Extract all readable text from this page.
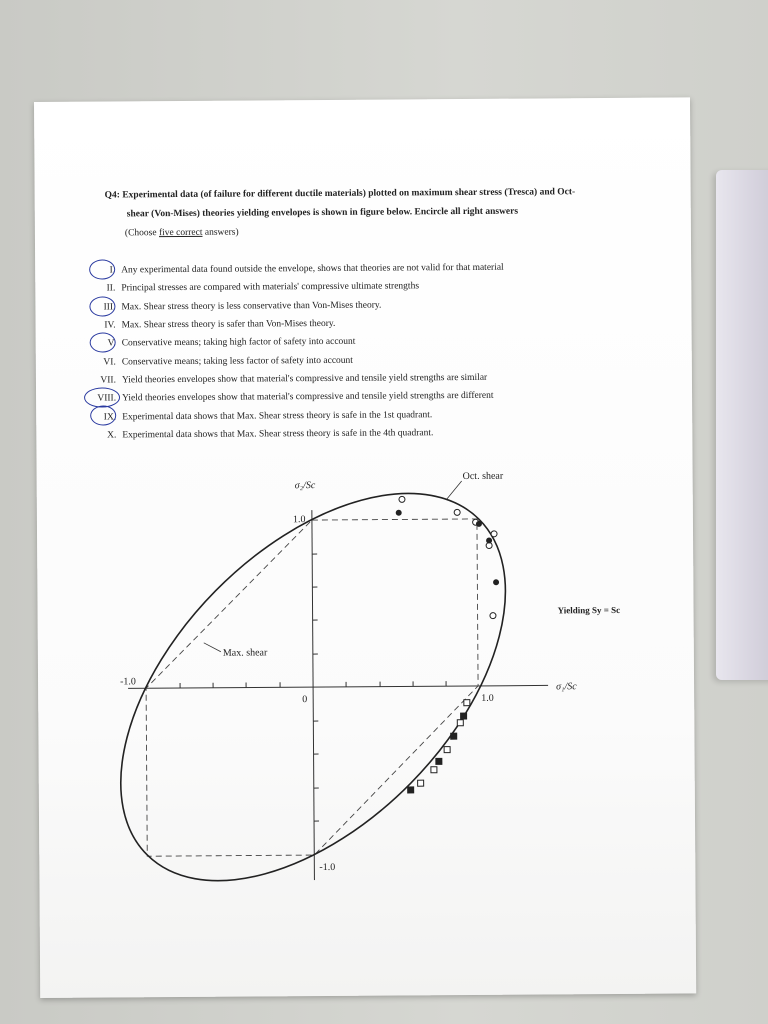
Q4: Experimental data (of failure for different ductile materials) plotted on maximum shear stress (Tresca) and Oct-
shear (Von-Mises) theories yielding envelopes is shown in figure below. Encircle all right answers
(Choose five correct answers)
I. Any experimental data found outside the envelope, shows that theories are not valid for that material
II. Principal stresses are compared with materials' compressive ultimate strengths
III. Max. Shear stress theory is less conservative than Von-Mises theory.
IV. Max. Shear stress theory is safer than Von-Mises theory.
V. Conservative means; taking high factor of safety into account
VI. Conservative means; taking less factor of safety into account
VII. Yield theories envelopes show that material's compressive and tensile yield strengths are similar
VIII. Yield theories envelopes show that material's compressive and tensile yield strengths are different
IX. Experimental data shows that Max. Shear stress theory is safe in the 1st quadrant.
X. Experimental data shows that Max. Shear stress theory is safe in the 4th quadrant.
σ₂/Sc
σ₁/Sc
1.0
-1.0
1.0
-1.0
0
Oct. shear
Max. shear
Yielding Sy = Sc
